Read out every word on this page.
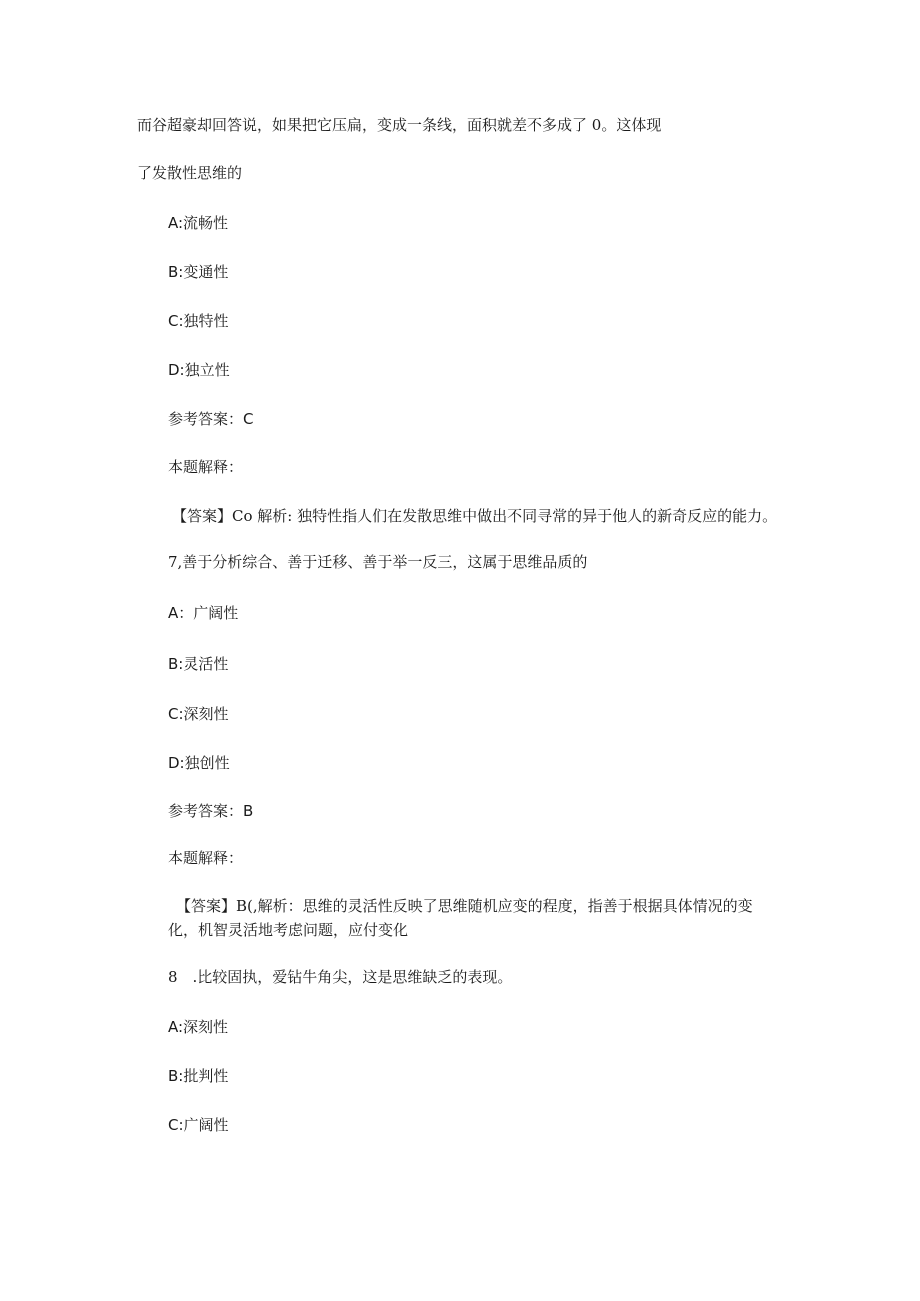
而谷超豪却回答说，如果把它压扁，变成一条线，面积就差不多成了 0。这体现
了发散性思维的
A:流畅性
B:变通性
C:独特性
D:独立性
参考答案：C
本题解释：
【答案】Co 解析: 独特性指人们在发散思维中做出不同寻常的异于他人的新奇反应的能力。
7,善于分析综合、善于迁移、善于举一反三，这属于思维品质的
A：广阔性
B:灵活性
C:深刻性
D:独创性
参考答案：B
本题解释：
【答案】B(,解析：思维的灵活性反映了思维随机应变的程度，指善于根据具体情况的变
化，机智灵活地考虑问题，应付变化
8　.比较固执，爱钻牛角尖，这是思维缺乏的表现。
A:深刻性
B:批判性
C:广阔性
